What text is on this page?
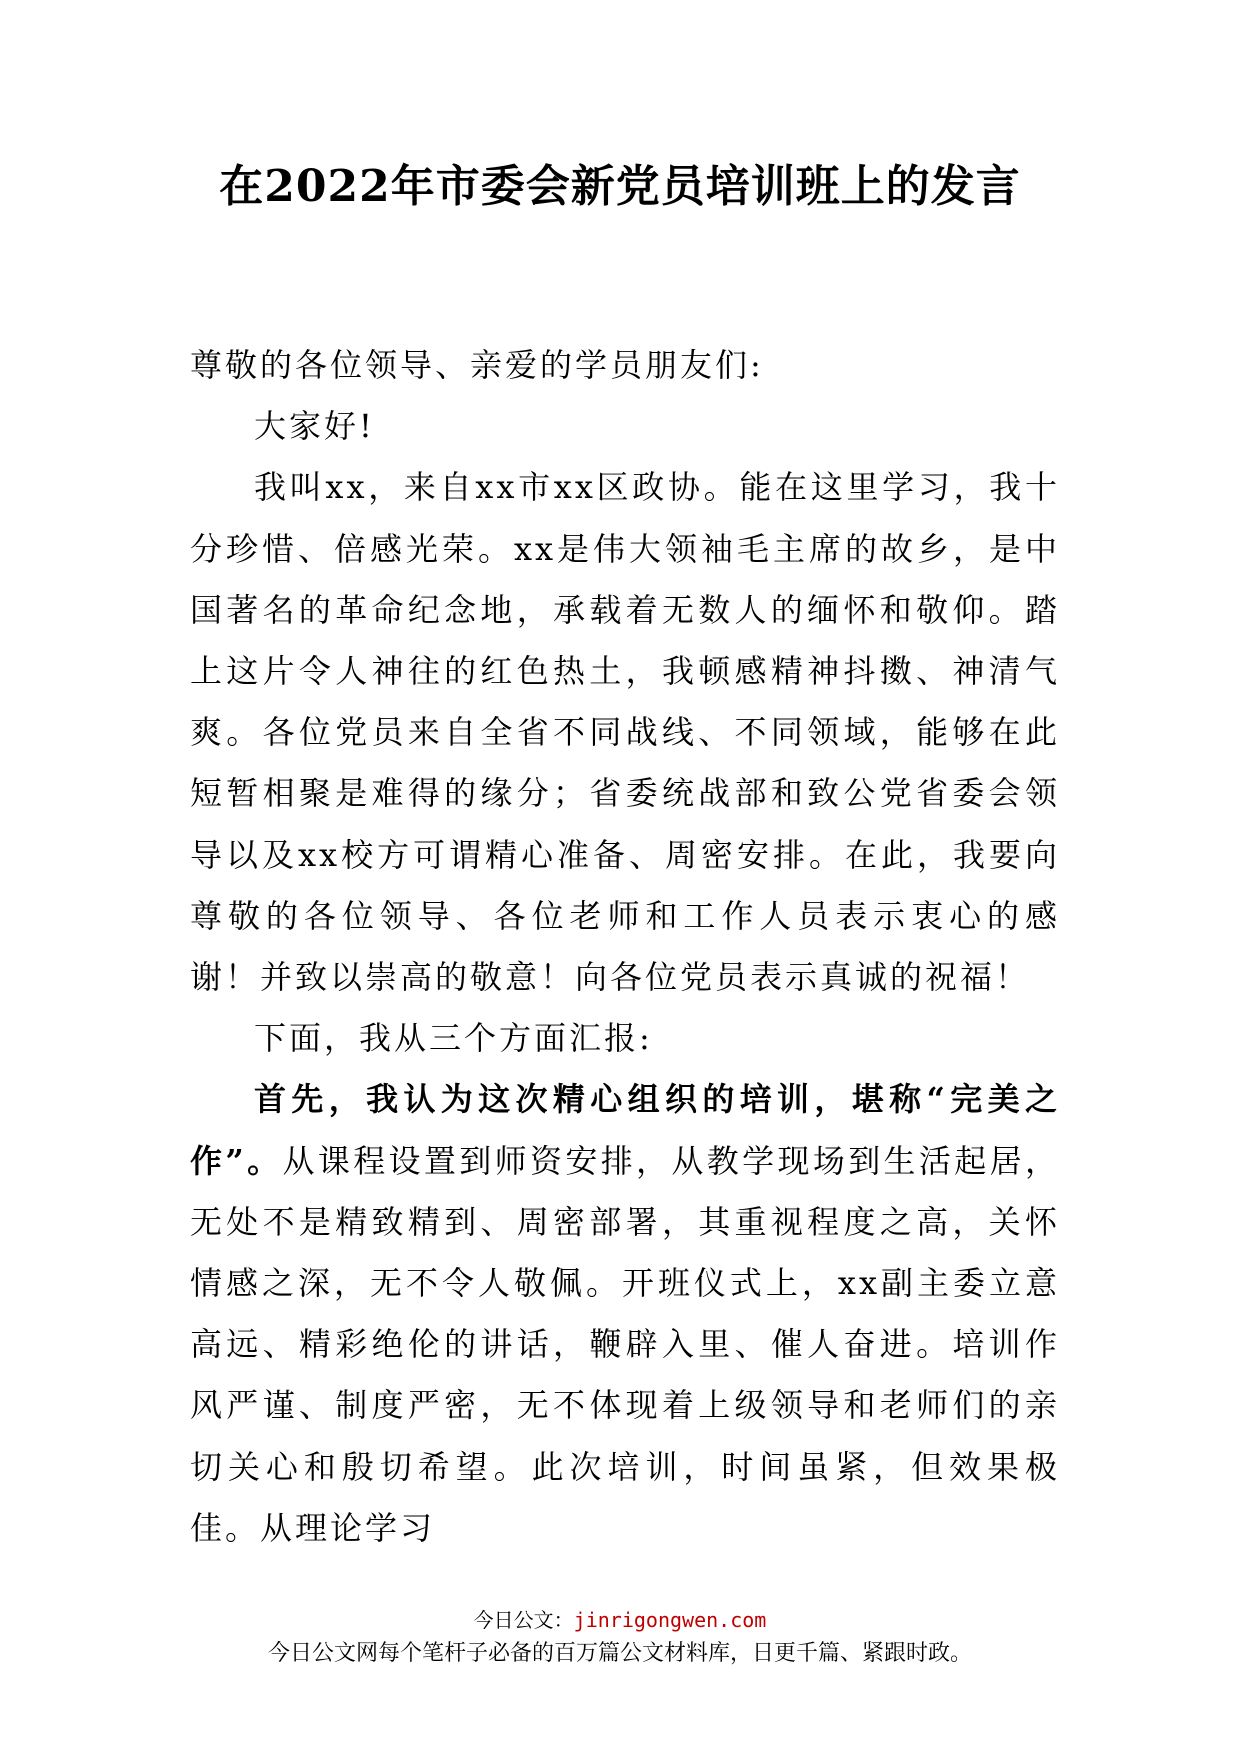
在2022年市委会新党员培训班上的发言

尊敬的各位领导、亲爱的学员朋友们:

大家好!

我叫xx，来自xx市xx区政协。能在这里学习，我十分珍惜、倍感光荣。xx是伟大领袖毛主席的故乡，是中国著名的革命纪念地，承载着无数人的缅怀和敬仰。踏上这片令人神往的红色热土，我顿感精神抖擞、神清气爽。各位党员来自全省不同战线、不同领域，能够在此短暂相聚是难得的缘分；省委统战部和致公党省委会领导以及xx校方可谓精心准备、周密安排。在此，我要向尊敬的各位领导、各位老师和工作人员表示衷心的感谢！并致以崇高的敬意！向各位党员表示真诚的祝福！

下面，我从三个方面汇报:

首先，我认为这次精心组织的培训，堪称“完美之作”。从课程设置到师资安排，从教学现场到生活起居，无处不是精致精到、周密部署，其重视程度之高，关怀情感之深，无不令人敬佩。开班仪式上，xx副主委立意高远、精彩绝伦的讲话，鞭辟入里、催人奋进。培训作风严谨、制度严密，无不体现着上级领导和老师们的亲切关心和殷切希望。此次培训，时间虽紧，但效果极佳。从理论学习

今日公文：jinrigongwen.com
今日公文网每个笔杆子必备的百万篇公文材料库，日更千篇、紧跟时政。
